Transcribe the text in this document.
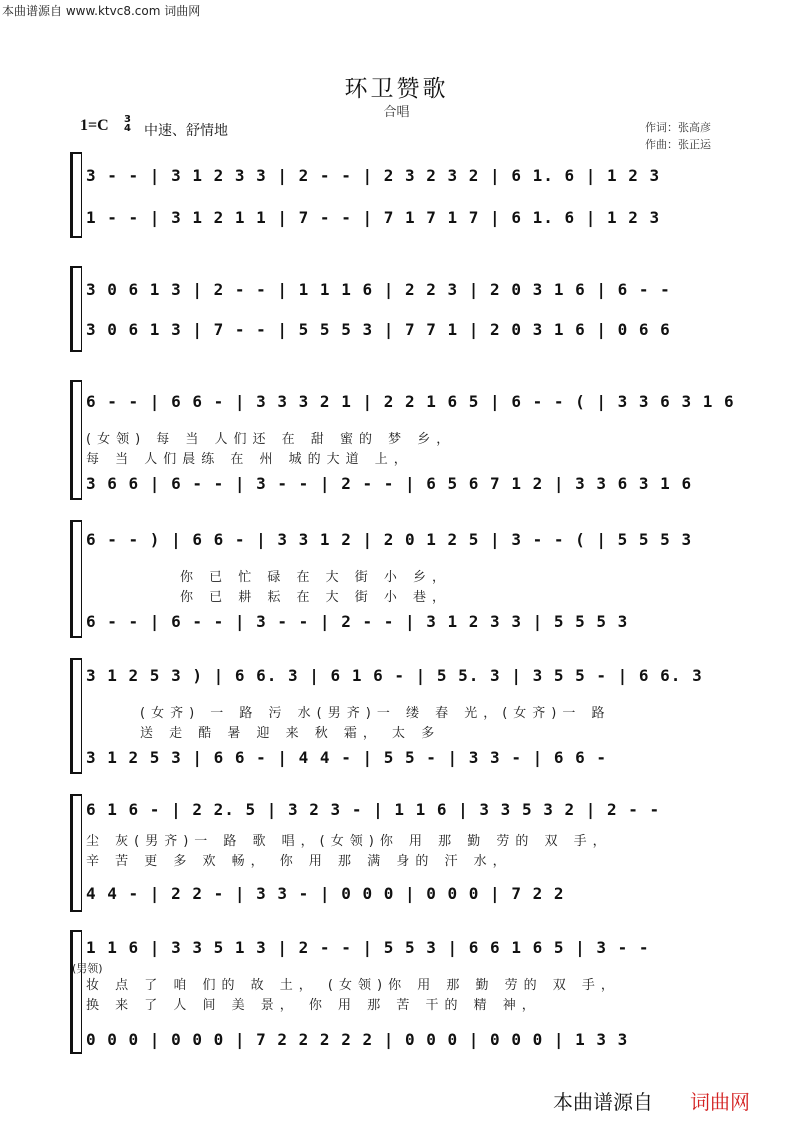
本曲谱源自 www.ktvc8.com 词曲网
环卫赞歌
合唱
1=C 3
4 中速、舒情地	作词：张高彦
作曲：张正运
3 - - | 3 1 2 3 3 | 2 - - | 2 3 2 3 2 | 6 1. 6 | 1 2 3
1 - - | 3 1 2 1 1 | 7 - - | 7 1 7 1 7 | 6 1. 6 | 1 2 3
3 0 6 1 3 | 2 - - | 1 1 1 6 | 2 2 3 | 2 0 3 1 6 | 6 - -
3 0 6 1 3 | 7 - - | 5 5 5 3 | 7 7 1 | 2 0 3 1 6 | 0 6 6
6 - - | 6 6 - | 3 3 3 2 1 | 2 2 1 6 5 | 6 - - ( | 3 3 6 3 1 6
(女领) 每 当 人们还 在 甜 蜜的 梦 乡，
每 当 人们晨练 在 州 城的大道 上，
3 6 6 | 6 - - | 3 - - | 2 - - | 6 5 6 7 1 2 | 3 3 6 3 1 6
6 - - ) | 6 6 - | 3 3 1 2 | 2 0 1 2 5 | 3 - - ( | 5 5 5 3
你 已 忙 碌 在 大 街 小 乡，
你 已 耕 耘 在 大 街 小 巷，
6 - - | 6 - - | 3 - - | 2 - - | 3 1 2 3 3 | 5 5 5 3
3 1 2 5 3 ) | 6 6. 3 | 6 1 6 - | 5 5. 3 | 3 5 5 - | 6 6. 3
(女齐) 一 路 污 水(男齐)一 缕 春 光，(女齐)一 路
送 走 酷 暑 迎 来 秋 霜， 太 多
3 1 2 5 3 | 6 6 - | 4 4 - | 5 5 - | 3 3 - | 6 6 -
6 1 6 - | 2 2. 5 | 3 2 3 - | 1 1 6 | 3 3 5 3 2 | 2 - -
尘 灰(男齐)一 路 歌 唱，(女领)你 用 那 勤 劳的 双 手，
辛 苦 更 多 欢 畅， 你 用 那 满 身的 汗 水，
4 4 - | 2 2 - | 3 3 - | 0 0 0 | 0 0 0 | 7 2 2
1 1 6 | 3 3 5 1 3 | 2 - - | 5 5 3 | 6 6 1 6 5 | 3 - -
(男领)
妆 点 了 咱 们的 故 土， (女领)你 用 那 勤 劳的 双 手，
换 来 了 人 间 美 景， 你 用 那 苦 干的 精 神，
0 0 0 | 0 0 0 | 7 2 2 2 2 2 | 0 0 0 | 0 0 0 | 1 3 3
本曲谱源自 词曲网
